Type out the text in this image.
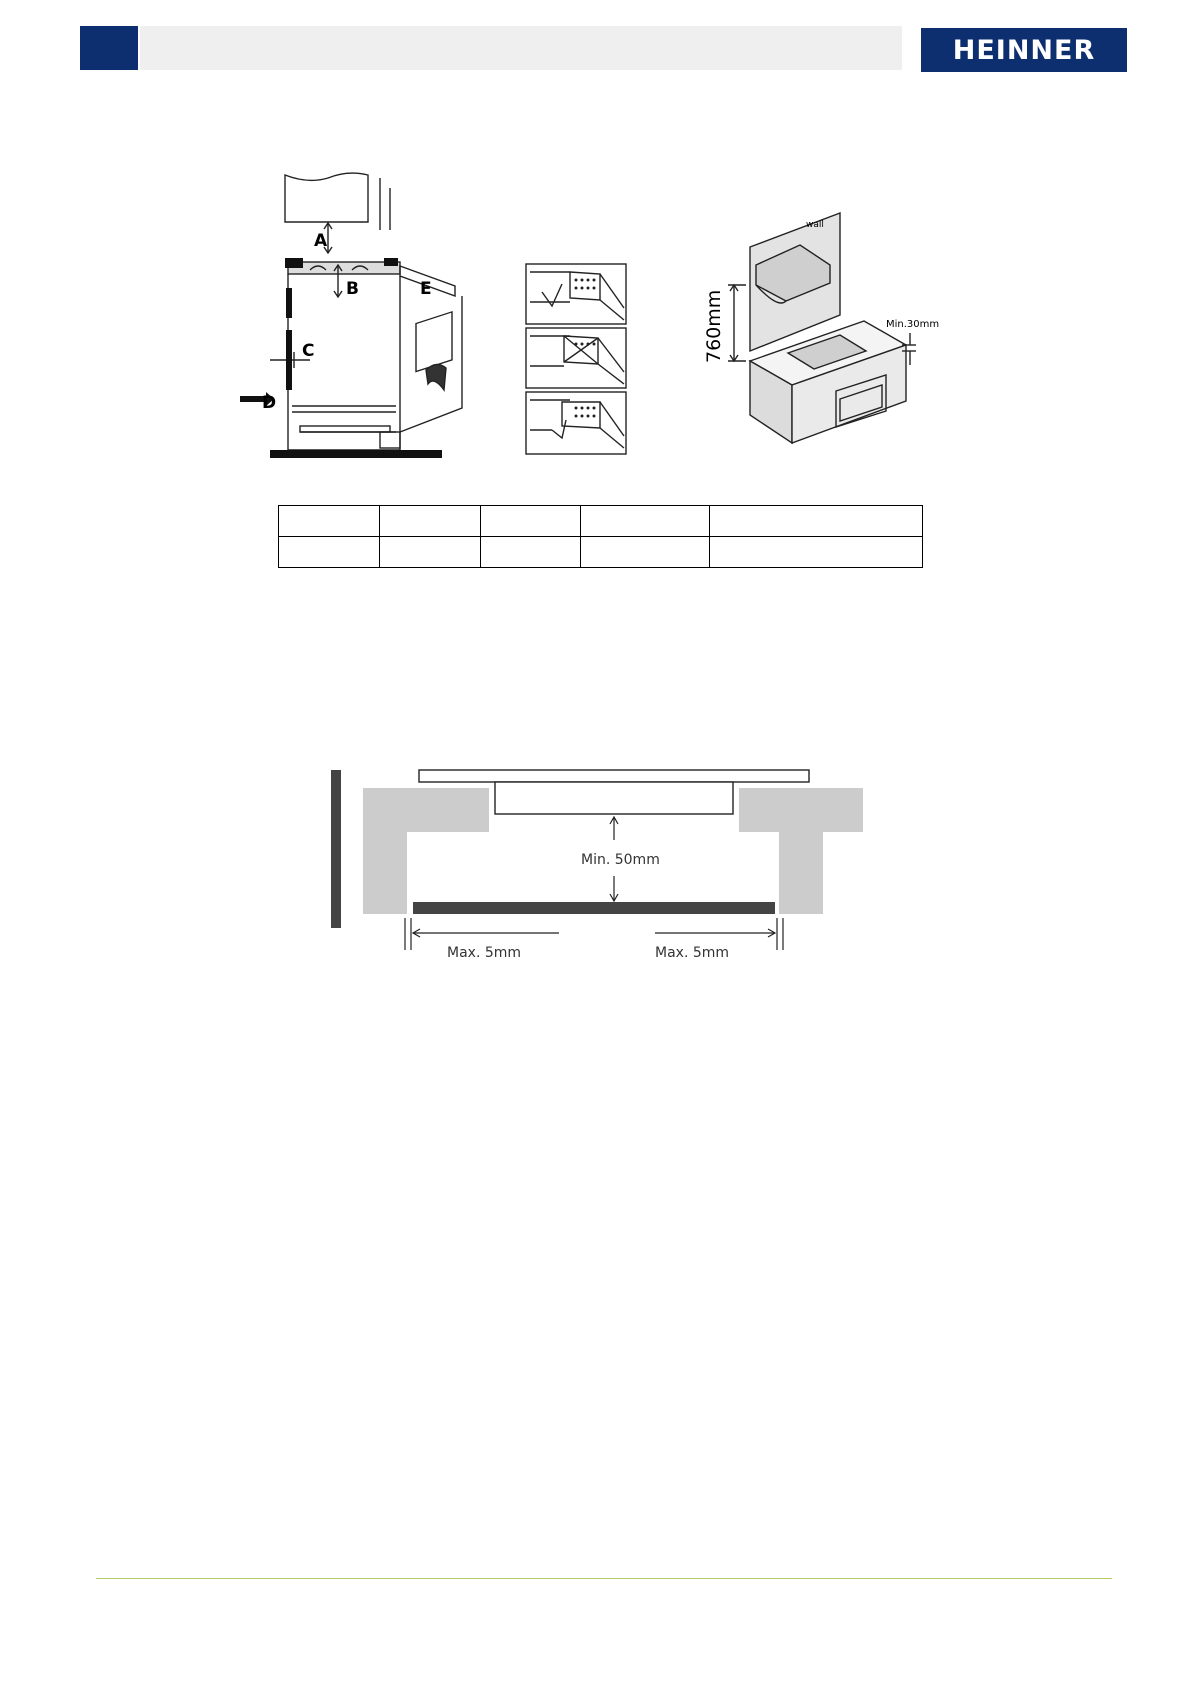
HEINNER
A
B
C
D
E
wall
760mm	Min.30mm

Min. 50mm
Max. 5mm	Max. 5mm
